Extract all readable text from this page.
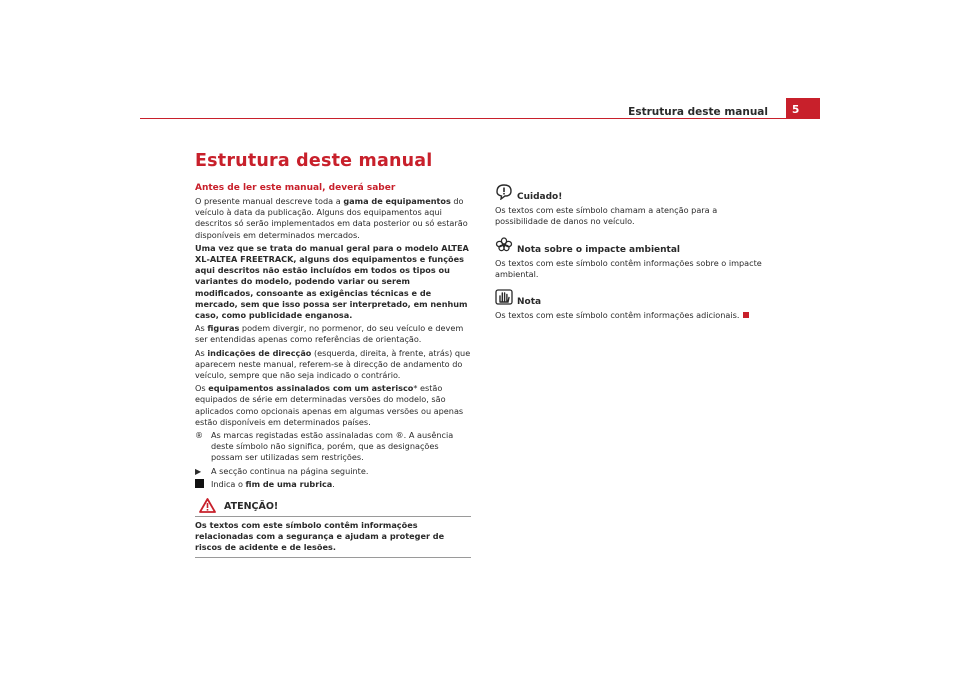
Estrutura deste manual	5
Estrutura deste manual
Antes de ler este manual, deverá saber

O presente manual descreve toda a gama de equipamentos do veículo à data da publicação. Alguns dos equipamentos aqui descritos só serão implementados em data posterior ou só estarão disponíveis em determinados mercados.

Uma vez que se trata do manual geral para o modelo ALTEA XL-ALTEA FREETRACK, alguns dos equipamentos e funções aqui descritos não estão incluídos em todos os tipos ou variantes do modelo, podendo variar ou serem modificados, consoante as exigências técnicas e de mercado, sem que isso possa ser interpretado, em nenhum caso, como publicidade enganosa.

As figuras podem divergir, no pormenor, do seu veículo e devem ser entendidas apenas como referências de orientação.

As indicações de direcção (esquerda, direita, à frente, atrás) que aparecem neste manual, referem-se à direcção de andamento do veículo, sempre que não seja indicado o contrário.

Os equipamentos assinalados com um asterisco* estão equipados de série em determinadas versões do modelo, são aplicados como opcionais apenas em algumas versões ou apenas estão disponíveis em determinados países.

® As marcas registadas estão assinaladas com ®. A ausência deste símbolo não significa, porém, que as designações possam ser utilizadas sem restrições.
▶	A secção continua na página seguinte.
Indica o fim de uma rubrica.
ATENÇÃO!
Os textos com este símbolo contêm informações relacionadas com a segurança e ajudam a proteger de riscos de acidente e de lesões.
Cuidado!
Os textos com este símbolo chamam a atenção para a possibilidade de danos no veículo.
Nota sobre o impacte ambiental
Os textos com este símbolo contêm informações sobre o impacte ambiental.
Nota
Os textos com este símbolo contêm informações adicionais.
